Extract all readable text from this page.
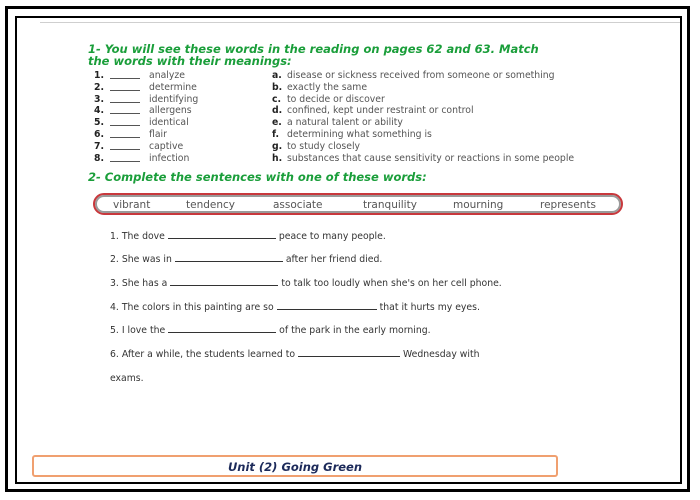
1- You will see these words in the reading on pages 62 and 63. Match
the words with their meanings:
1.	analyze	a. disease or sickness received from someone or something
2.	determine	b. exactly the same
3.	identifying	c. to decide or discover
4.	allergens	d. confined, kept under restraint or control
5.	identical	e. a natural talent or ability
6.	flair	f. determining what something is
7.	captive	g. to study closely
8.	infection	h. substances that cause sensitivity or reactions in some people
2- Complete the sentences with one of these words:
vibrant	tendency	associate	tranquility	mourning	represents
1. The dove	peace to many people.
2. She was in	after her friend died.
3. She has a	to talk too loudly when she's on her cell phone.
4. The colors in this painting are so	that it hurts my eyes.
5. I love the	of the park in the early morning.
6. After a while, the students learned to	Wednesday with
exams.
Unit (2) Going Green
